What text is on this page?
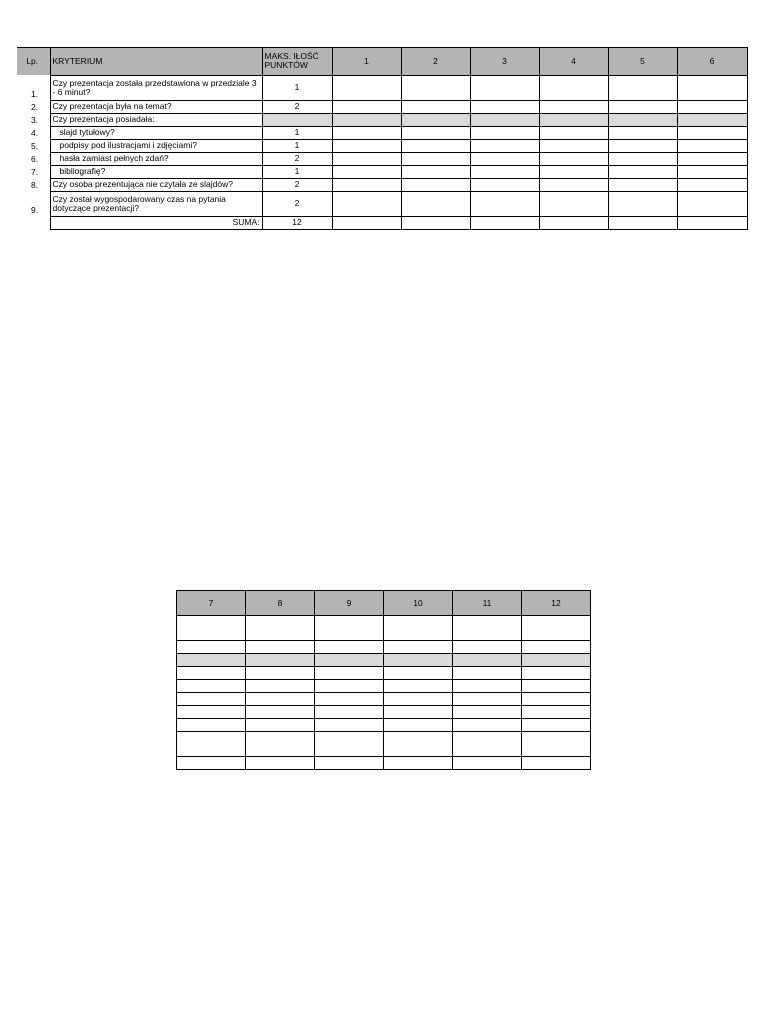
Lp.	KRYTERIUM	MAKS. IŁOŚĆ PUNKTÓW	1	2	3	4	5	6
1.	Czy prezentacja została przedstawiona w przedziale 3 - 6 minut?	1						
2.	Czy prezentacja była na temat?	2						
3.	Czy prezentacja posiadała:							
4.	slajd tytułowy?	1						
5.	podpisy pod ilustracjami i zdjęciami?	1						
6.	hasła zamiast pełnych zdań?	2						
7.	bibliografię?	1						
8.	Czy osoba prezentująca nie czytała ze slajdów?	2						
9.	Czy został wygospodarowany czas na pytania dotyczące prezentacji?	2						
	SUMA:	12						
7	8	9	10	11	12
